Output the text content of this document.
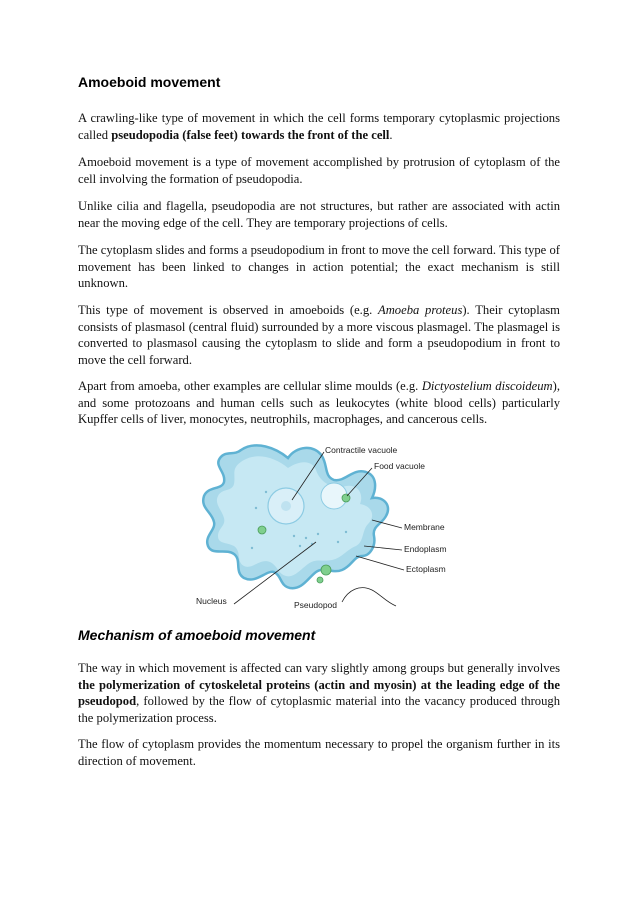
Amoeboid movement

A crawling-like type of movement in which the cell forms temporary cytoplasmic projections called pseudopodia (false feet) towards the front of the cell.

Amoeboid movement is a type of movement accomplished by protrusion of cytoplasm of the cell involving the formation of pseudopodia.

Unlike cilia and flagella, pseudopodia are not structures, but rather are associated with actin near the moving edge of the cell. They are temporary projections of cells.

The cytoplasm slides and forms a pseudopodium in front to move the cell forward. This type of movement has been linked to changes in action potential; the exact mechanism is still unknown.

This type of movement is observed in amoeboids (e.g. Amoeba proteus). Their cytoplasm consists of plasmasol (central fluid) surrounded by a more viscous plasmagel. The plasmagel is converted to plasmasol causing the cytoplasm to slide and form a pseudopodium in front to move the cell forward.

Apart from amoeba, other examples are cellular slime moulds (e.g. Dictyostelium discoideum), and some protozoans and human cells such as leukocytes (white blood cells) particularly Kupffer cells of liver, monocytes, neutrophils, macrophages, and cancerous cells.

Contractile vacuole
Food vacuole
Membrane
Endoplasm
Ectoplasm
Nucleus	Pseudopod
Mechanism of amoeboid movement

The way in which movement is affected can vary slightly among groups but generally involves the polymerization of cytoskeletal proteins (actin and myosin) at the leading edge of the pseudopod, followed by the flow of cytoplasmic material into the vacancy produced through the polymerization process.

The flow of cytoplasm provides the momentum necessary to propel the organism further in its direction of movement.
